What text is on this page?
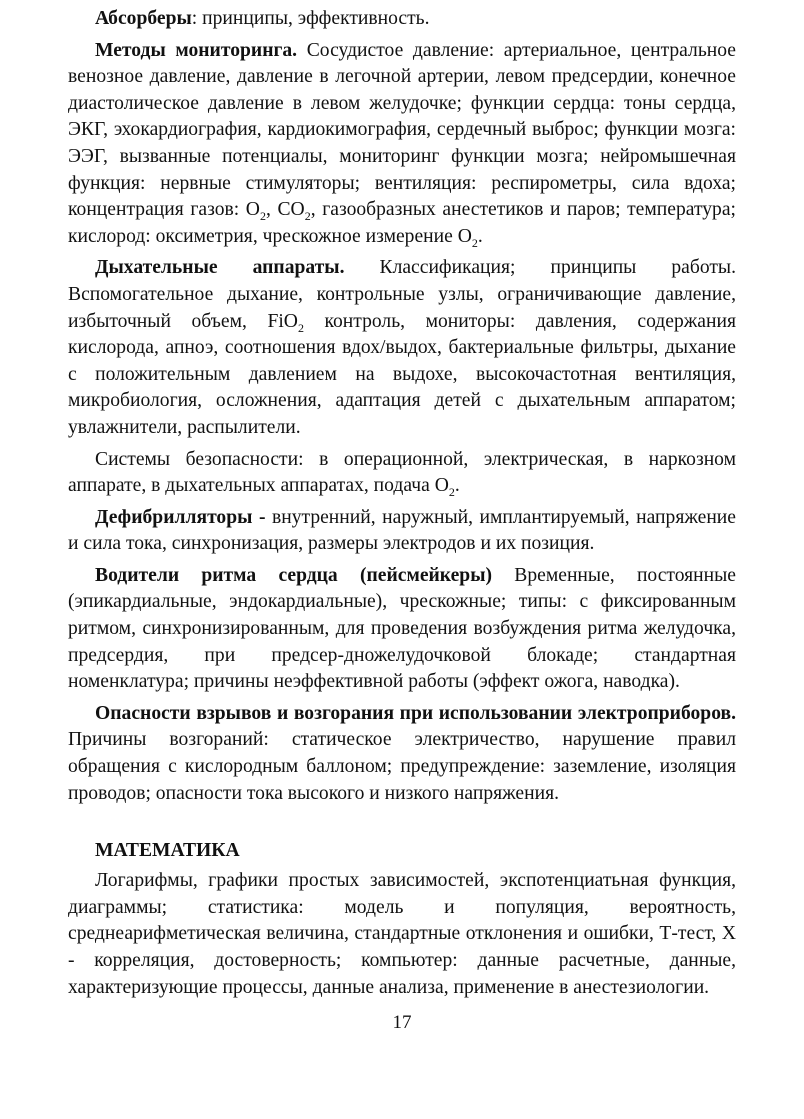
Абсорберы: принципы, эффективность.

Методы мониторинга. Сосудистое давление: артериальное, центральное венозное давление, давление в легочной артерии, левом предсердии, конечное диастолическое давление в левом желудочке; функции сердца: тоны сердца, ЭКГ, эхокардиография, кардиокимография, сердечный выброс; функции мозга: ЭЭГ, вызванные потенциалы, мониторинг функции мозга; нейромышечная функция: нервные стимуляторы; вентиляция: респирометры, сила вдоха; концентрация газов: $О_2$, $СО_2$, газообразных анестетиков и паров; температура; кислород: оксиметрия, чрескожное измерение $О_2$.

Дыхательные аппараты. Классификация; принципы работы. Вспомогательное дыхание, контрольные узлы, ограничивающие давление, избыточный объем, FiO$_2$ контроль, мониторы: давления, содержания кислорода, апноэ, соотношения вдох/выдох, бактериальные фильтры, дыхание с положительным давлением на выдохе, высокочастотная вентиляция, микробиология, осложнения, адаптация детей с дыхательным аппаратом; увлажнители, распылители.

Системы безопасности: в операционной, электрическая, в наркозном аппарате, в дыхательных аппаратах, подача $О_2$.

Дефибрилляторы - внутренний, наружный, имплантируемый, напряжение и сила тока, синхронизация, размеры электродов и их позиция.

Водители ритма сердца (пейсмейкеры) Временные, постоянные (эпикардиальные, эндокардиальные), чрескожные; типы: с фиксированным ритмом, синхронизированным, для проведения возбуждения ритма желудочка, предсердия, при предсер-дножелудочковой блокаде; стандартная номенклатура; причины неэффективной работы (эффект ожога, наводка).

Опасности взрывов и возгорания при использовании электроприборов. Причины возгораний: статическое электричество, нарушение правил обращения с кислородным баллоном; предупреждение: заземление, изоляция проводов; опасности тока высокого и низкого напряжения.

МАТЕМАТИКА

Логарифмы, графики простых зависимостей, экспотенциатьная функция, диаграммы; статистика: модель и популяция, вероятность, среднеарифметическая величина, стандартные отклонения и ошибки, Т-тест, X - корреляция, достоверность; компьютер: данные расчетные, данные, характеризующие процессы, данные анализа, применение в анестезиологии.

17
